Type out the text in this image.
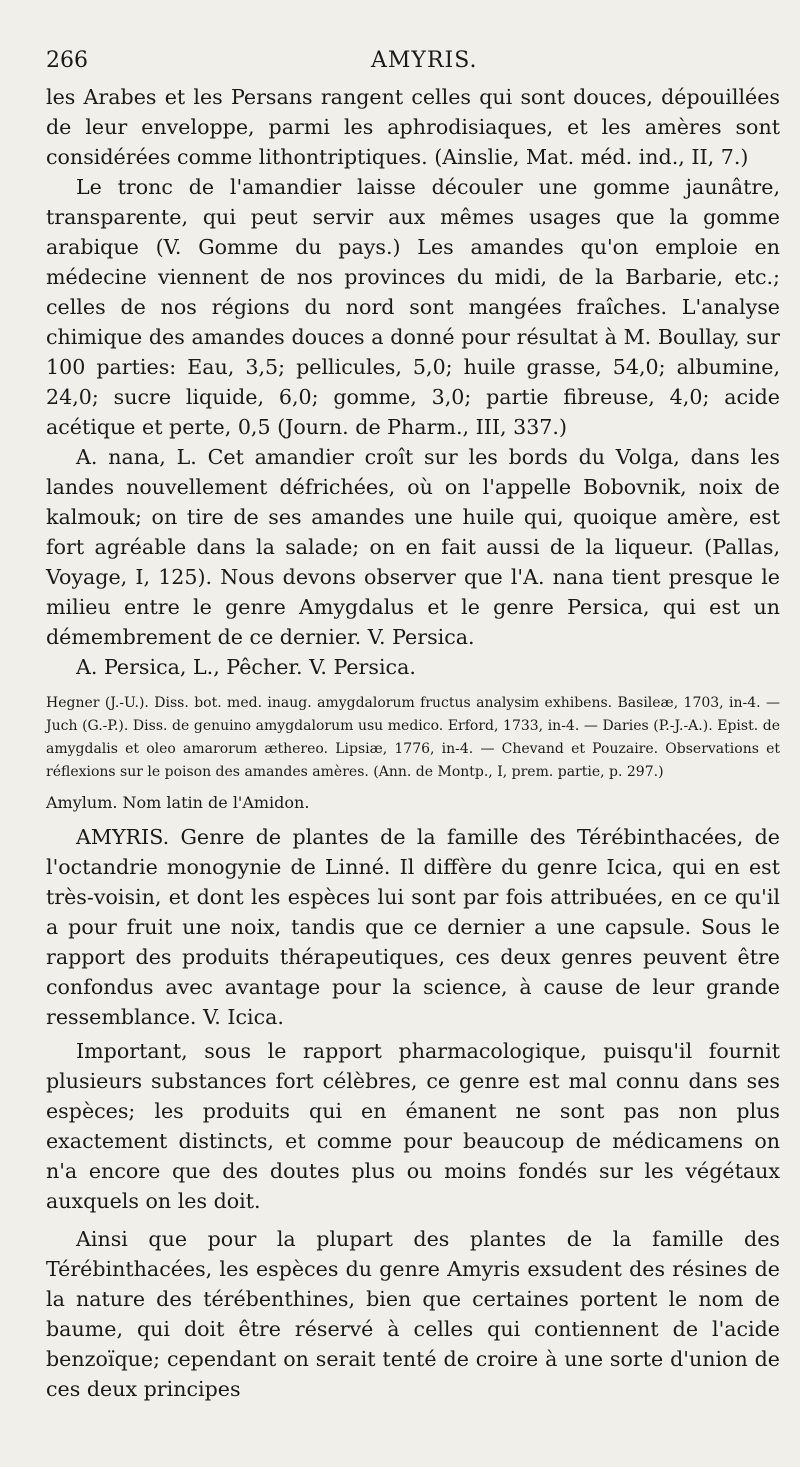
266	AMYRIS.

les Arabes et les Persans rangent celles qui sont douces, dépouillées de leur enveloppe, parmi les aphrodisiaques, et les amères sont considérées comme lithontriptiques. (Ainslie, Mat. méd. ind., II, 7.)

Le tronc de l'amandier laisse découler une gomme jaunâtre, transparente, qui peut servir aux mêmes usages que la gomme arabique (V. Gomme du pays.) Les amandes qu'on emploie en médecine viennent de nos provinces du midi, de la Barbarie, etc.; celles de nos régions du nord sont mangées fraîches. L'analyse chimique des amandes douces a donné pour résultat à M. Boullay, sur 100 parties: Eau, 3,5; pellicules, 5,0; huile grasse, 54,0; albumine, 24,0; sucre liquide, 6,0; gomme, 3,0; partie fibreuse, 4,0; acide acétique et perte, 0,5 (Journ. de Pharm., III, 337.)

A. nana, L. Cet amandier croît sur les bords du Volga, dans les landes nouvellement défrichées, où on l'appelle Bobovnik, noix de kalmouk; on tire de ses amandes une huile qui, quoique amère, est fort agréable dans la salade; on en fait aussi de la liqueur. (Pallas, Voyage, I, 125). Nous devons observer que l'A. nana tient presque le milieu entre le genre Amygdalus et le genre Persica, qui est un démembrement de ce dernier. V. Persica.

A. Persica, L., Pêcher. V. Persica.

Hegner (J.-U.). Diss. bot. med. inaug. amygdalorum fructus analysim exhibens. Basileæ, 1703, in-4. — Juch (G.-P.). Diss. de genuino amygdalorum usu medico. Erford, 1733, in-4. — Daries (P.-J.-A.). Epist. de amygdalis et oleo amarorum æthereo. Lipsiæ, 1776, in-4. — Chevand et Pouzaire. Observations et réflexions sur le poison des amandes amères. (Ann. de Montp., I, prem. partie, p. 297.)

Amylum. Nom latin de l'Amidon.

AMYRIS. Genre de plantes de la famille des Térébinthacées, de l'octandrie monogynie de Linné. Il diffère du genre Icica, qui en est très-voisin, et dont les espèces lui sont par fois attribuées, en ce qu'il a pour fruit une noix, tandis que ce dernier a une capsule. Sous le rapport des produits thérapeutiques, ces deux genres peuvent être confondus avec avantage pour la science, à cause de leur grande ressemblance. V. Icica.

Important, sous le rapport pharmacologique, puisqu'il fournit plusieurs substances fort célèbres, ce genre est mal connu dans ses espèces; les produits qui en émanent ne sont pas non plus exactement distincts, et comme pour beaucoup de médicamens on n'a encore que des doutes plus ou moins fondés sur les végétaux auxquels on les doit.

Ainsi que pour la plupart des plantes de la famille des Térébinthacées, les espèces du genre Amyris exsudent des résines de la nature des térébenthines, bien que certaines portent le nom de baume, qui doit être réservé à celles qui contiennent de l'acide benzoïque; cependant on serait tenté de croire à une sorte d'union de ces deux principes
